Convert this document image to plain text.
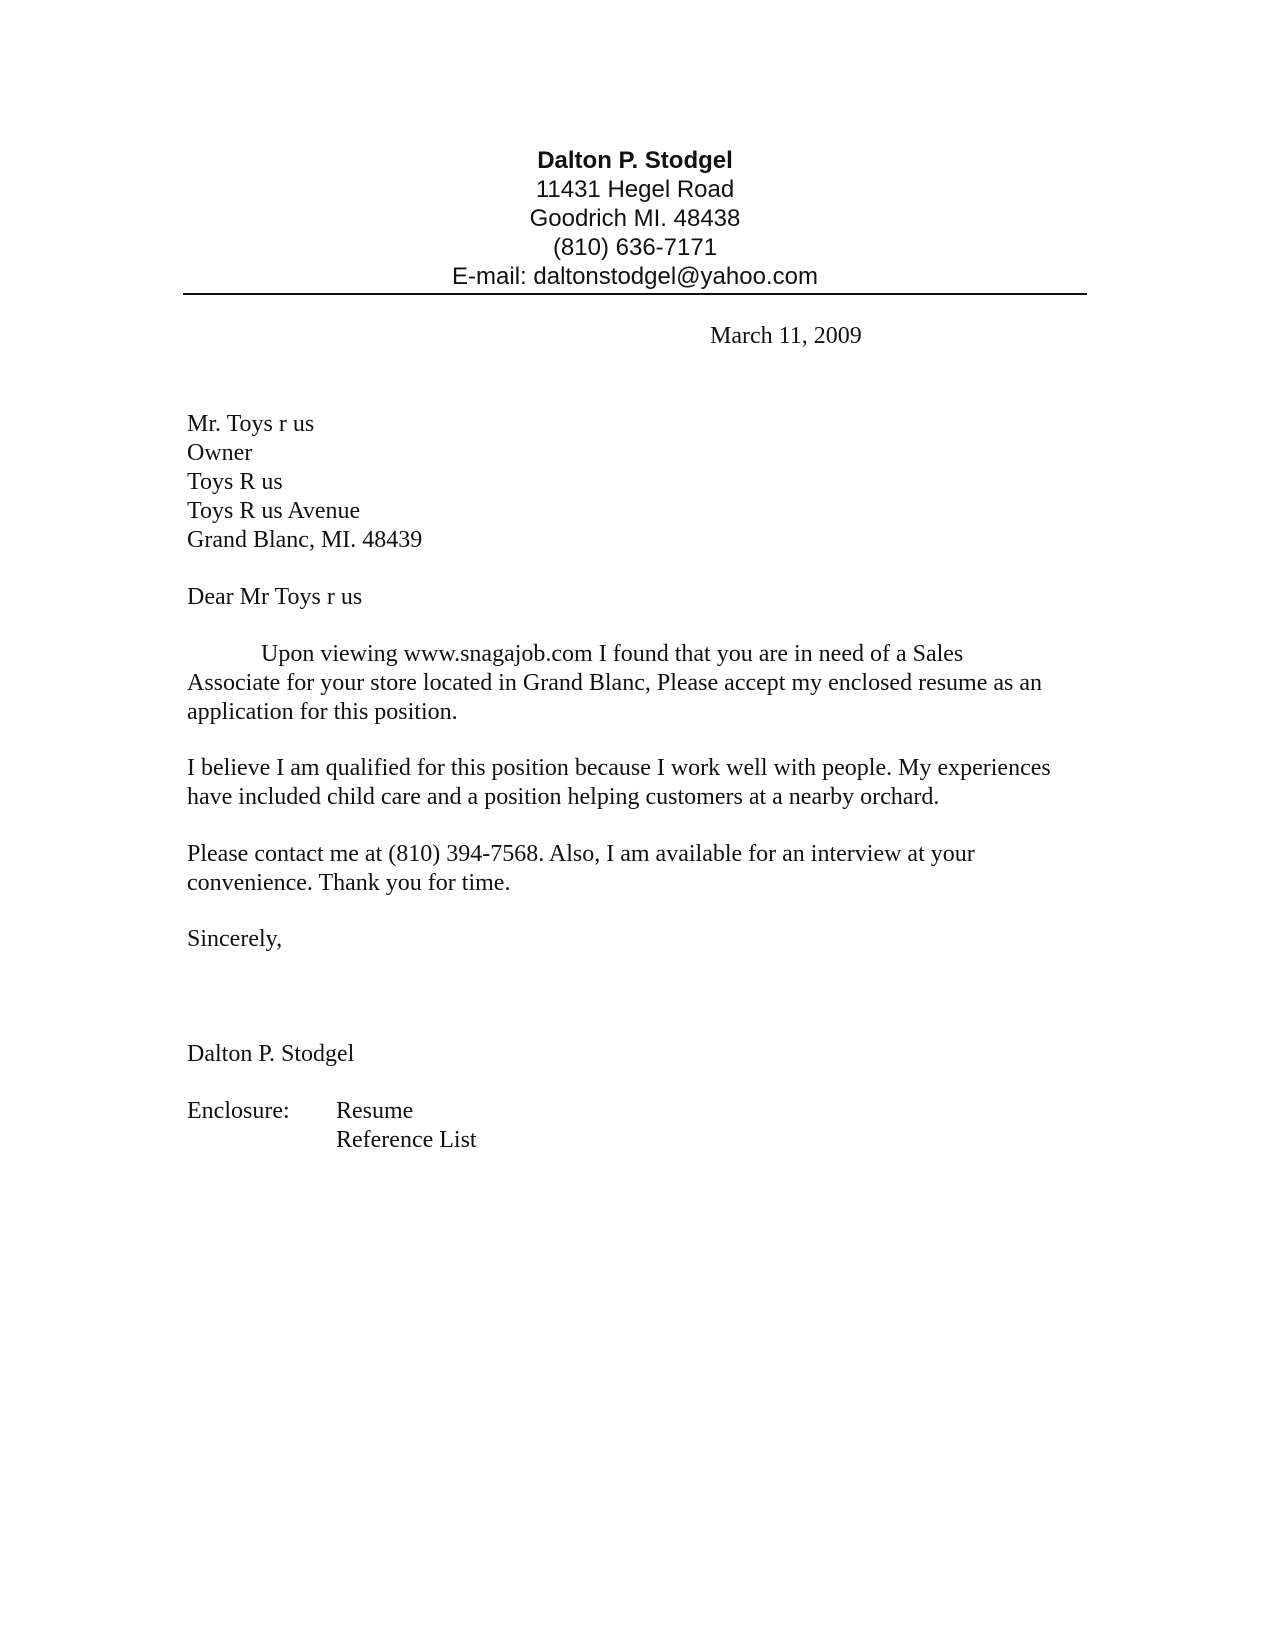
Dalton P. Stodgel
11431 Hegel Road
Goodrich MI. 48438
(810) 636-7171
E-mail: daltonstodgel@yahoo.com
March 11, 2009
Mr. Toys r us
Owner
Toys R us
Toys R us Avenue
Grand Blanc, MI. 48439
Dear Mr Toys r us
Upon viewing www.snagajob.com I found that you are in need of a Sales
Associate for your store located in Grand Blanc, Please accept my enclosed resume as an
application for this position.
I believe I am qualified for this position because I work well with people. My experiences
have included child care and a position helping customers at a nearby orchard.
Please contact me at (810) 394-7568. Also, I am available for an interview at your
convenience. Thank you for time.
Sincerely,
Dalton P. Stodgel
Enclosure: Resume
Reference List
